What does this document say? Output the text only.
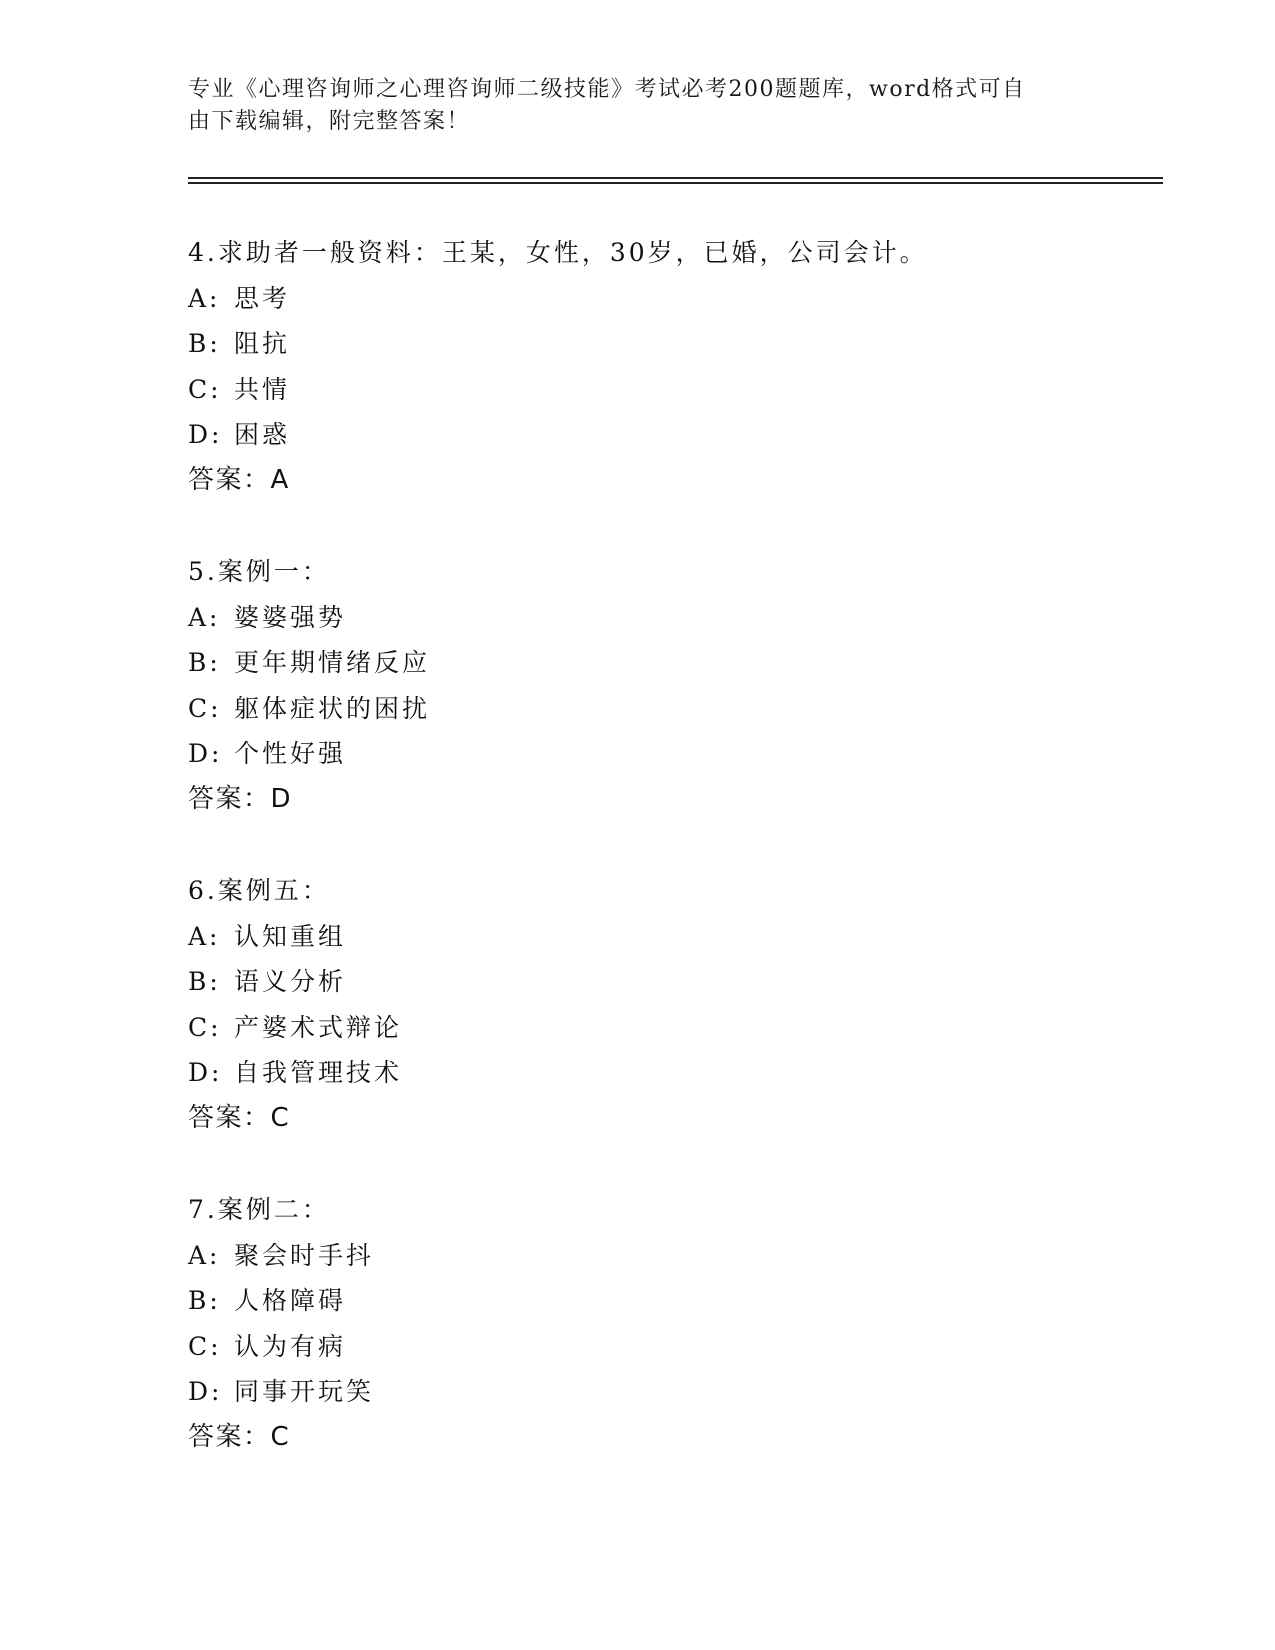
专业《心理咨询师之心理咨询师二级技能》考试必考200题题库，word格式可自
由下载编辑，附完整答案！
4.求助者一般资料：王某，女性，30岁，已婚，公司会计。
A: 思考
B: 阻抗
C: 共情
D: 困惑
答案：A
5.案例一：
A: 婆婆强势
B: 更年期情绪反应
C: 躯体症状的困扰
D: 个性好强
答案：D
6.案例五：
A: 认知重组
B: 语义分析
C: 产婆术式辩论
D: 自我管理技术
答案：C
7.案例二：
A: 聚会时手抖
B: 人格障碍
C: 认为有病
D: 同事开玩笑
答案：C
